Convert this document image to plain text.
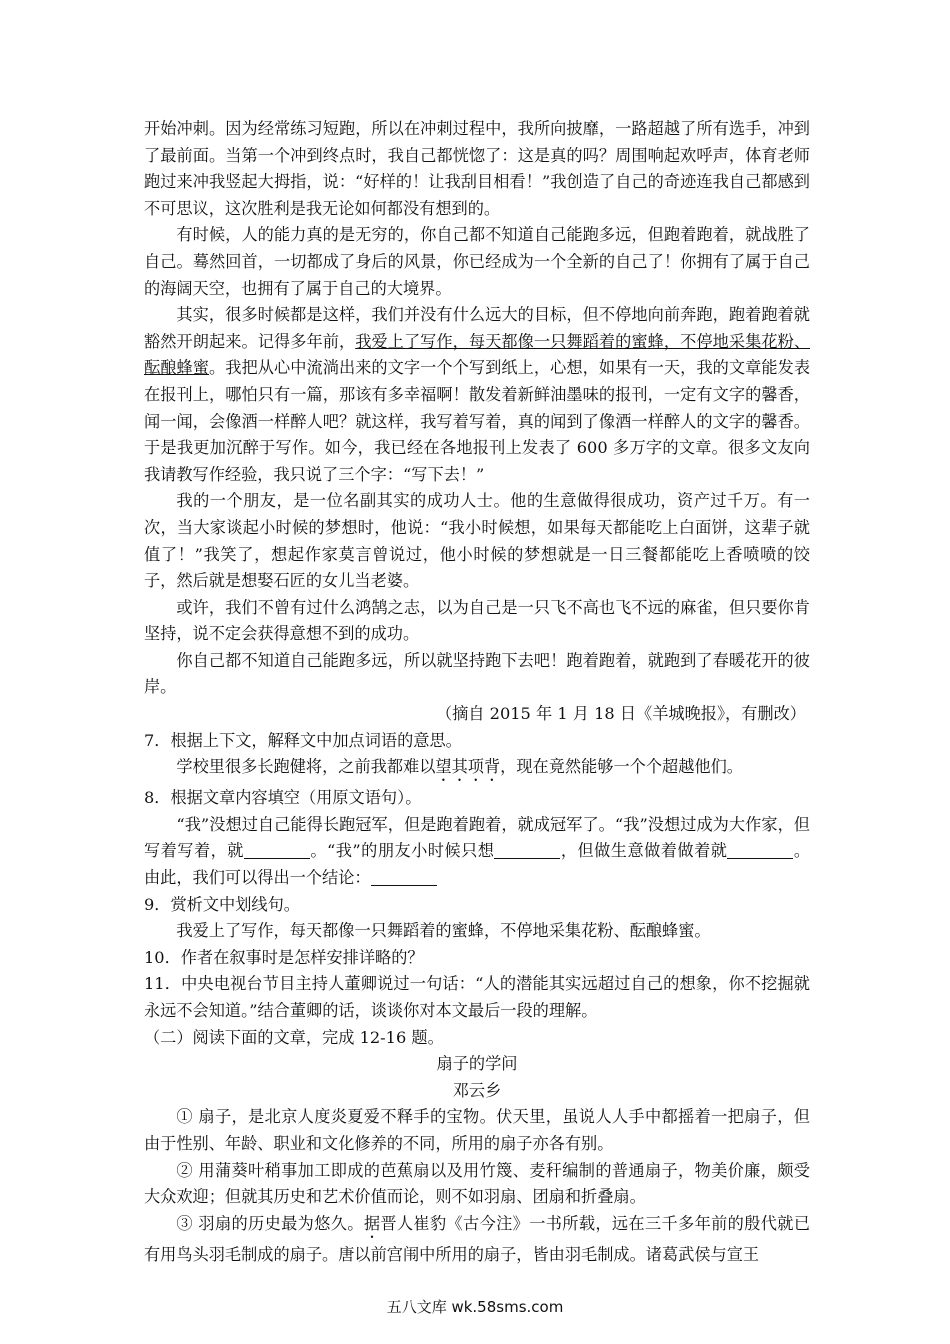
开始冲刺。因为经常练习短跑，所以在冲刺过程中，我所向披靡，一路超越了所有选手，冲到了最前面。当第一个冲到终点时，我自己都恍惚了：这是真的吗？周围响起欢呼声，体育老师跑过来冲我竖起大拇指，说：“好样的！让我刮目相看！”我创造了自己的奇迹连我自己都感到不可思议，这次胜利是我无论如何都没有想到的。

有时候，人的能力真的是无穷的，你自己都不知道自己能跑多远，但跑着跑着，就战胜了自己。蓦然回首，一切都成了身后的风景，你已经成为一个全新的自己了！你拥有了属于自己的海阔天空，也拥有了属于自己的大境界。

其实，很多时候都是这样，我们并没有什么远大的目标，但不停地向前奔跑，跑着跑着就豁然开朗起来。记得多年前，我爱上了写作，每天都像一只舞蹈着的蜜蜂，不停地采集花粉、酝酿蜂蜜。我把从心中流淌出来的文字一个个写到纸上，心想，如果有一天，我的文章能发表在报刊上，哪怕只有一篇，那该有多幸福啊！散发着新鲜油墨味的报刊，一定有文字的馨香，闻一闻，会像酒一样醉人吧？就这样，我写着写着，真的闻到了像酒一样醉人的文字的馨香。于是我更加沉醉于写作。如今，我已经在各地报刊上发表了 600 多万字的文章。很多文友向我请教写作经验，我只说了三个字：“写下去！”

我的一个朋友，是一位名副其实的成功人士。他的生意做得很成功，资产过千万。有一次，当大家谈起小时候的梦想时，他说：“我小时候想，如果每天都能吃上白面饼，这辈子就值了！”我笑了，想起作家莫言曾说过，他小时候的梦想就是一日三餐都能吃上香喷喷的饺子，然后就是想娶石匠的女儿当老婆。

或许，我们不曾有过什么鸿鹄之志，以为自己是一只飞不高也飞不远的麻雀，但只要你肯坚持，说不定会获得意想不到的成功。

你自己都不知道自己能跑多远，所以就坚持跑下去吧！跑着跑着，就跑到了春暖花开的彼岸。

（摘自 2015 年 1 月 18 日《羊城晚报》，有删改）

7．根据上下文，解释文中加点词语的意思。

学校里很多长跑健将，之前我都难以望其项背，现在竟然能够一个个超越他们。

8．根据文章内容填空（用原文语句）。

“我”没想过自己能得长跑冠军，但是跑着跑着，就成冠军了。“我”没想过成为大作家，但写着写着，就	。“我”的朋友小时候只想	，但做生意做着做着就	。由此，我们可以得出一个结论：

9．赏析文中划线句。

我爱上了写作，每天都像一只舞蹈着的蜜蜂，不停地采集花粉、酝酿蜂蜜。

10．作者在叙事时是怎样安排详略的？

11．中央电视台节目主持人董卿说过一句话：“人的潜能其实远超过自己的想象，你不挖掘就永远不会知道。”结合董卿的话，谈谈你对本文最后一段的理解。

（二）阅读下面的文章，完成 12-16 题。

扇子的学问

邓云乡

① 扇子，是北京人度炎夏爱不释手的宝物。伏天里，虽说人人手中都摇着一把扇子，但由于性别、年龄、职业和文化修养的不同，所用的扇子亦各有别。

② 用蒲葵叶稍事加工即成的芭蕉扇以及用竹篾、麦秆编制的普通扇子，物美价廉，颇受大众欢迎；但就其历史和艺术价值而论，则不如羽扇、团扇和折叠扇。

③ 羽扇的历史最为悠久。据晋人崔豹《古今注》一书所载，远在三千多年前的殷代就已有用鸟头羽毛制成的扇子。唐以前宫闱中所用的扇子，皆由羽毛制成。诸葛武侯与宣王

五八文库 wk.58sms.com
